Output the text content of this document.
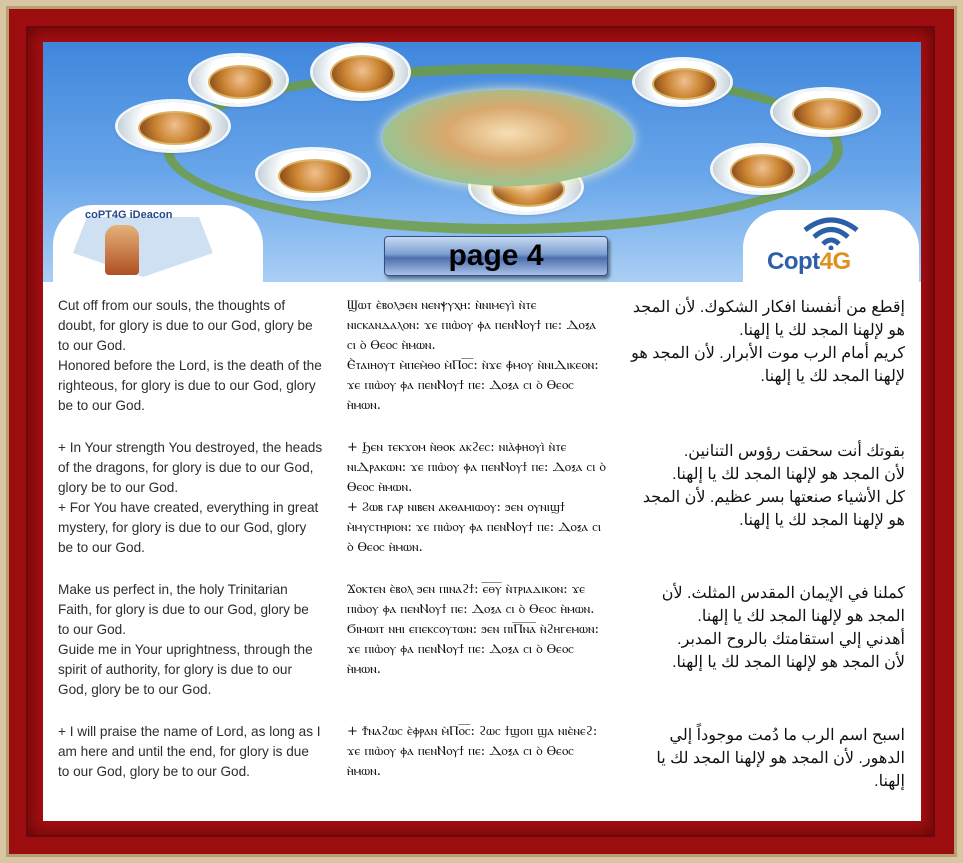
coPT4G iDeacon
Copt4G
page 4

Cut off from our souls, the thoughts of doubt, for glory is due to our God, glory be to our God.
Honored before the Lord, is the death of the righteous, for glory is due to our God, glory be to our God.

+ In Your strength You destroyed, the heads of the dragons, for glory is due to our God, glory be to our God.
+ For You have created, everything in great mystery, for glory is due to our God, glory be to our God.

Make us perfect in, the holy Trinitarian Faith, for glory is due to our God, glory be to our God.
Guide me in Your uprightness, through the spirit of authority, for glory is due to our God, glory be to our God.

+ I will praise the name of Lord, as long as I am here and until the end, for glory is due to our God, glory be to our God.

Ϣⲱⲧ ⲉ̀ⲃⲟⲗϧⲉⲛ ⲛⲉⲛⲯⲩⲭⲏ: ⲛ̀ⲛⲓⲙⲉⲩⲓ̀ ⲛ̀ⲧⲉ ⲛⲓⲥⲕⲁⲛⲇⲁⲗⲟⲛ: ϫⲉ ⲡⲓⲱ̀ⲟⲩ ⲫⲁ ⲡⲉⲛⲚⲟⲩϯ ⲡⲉ: Ⲇⲟⲝⲁ ⲥⲓ ⲟ̀ Ⲑⲉⲟⲥ ⲏ̀ⲙⲱⲛ.
Ⲉ̀ⲧⲁⲓⲏⲟⲩⲧ ⲙ̀ⲡⲉⲙ̀ⲑⲟ ⲙ̀Ⲡⲟ̅ⲥ̅: ⲛ̀ϫⲉ ⲫ̀ⲙⲟⲩ ⲛ̀ⲛⲓⲆⲓⲕⲉⲟⲛ: ϫⲉ ⲡⲓⲱ̀ⲟⲩ ⲫⲁ ⲡⲉⲛⲚⲟⲩϯ ⲡⲉ: Ⲇⲟⲝⲁ ⲥⲓ ⲟ̀ Ⲑⲉⲟⲥ ⲏ̀ⲙⲱⲛ.

+ Ϧⲉⲛ ⲧⲉⲕϫⲟⲙ ⲛ̀ⲑⲟⲕ ⲁⲕϩⲉⲥ: ⲛⲓⲁ̀ⲫⲏⲟⲩⲓ̀ ⲛ̀ⲧⲉ ⲛⲓⲆⲣⲁⲕⲱⲛ: ϫⲉ ⲡⲓⲱ̀ⲟⲩ ⲫⲁ ⲡⲉⲛⲚⲟⲩϯ ⲡⲉ: Ⲇⲟⲝⲁ ⲥⲓ ⲟ̀ Ⲑⲉⲟⲥ ⲏ̀ⲙⲱⲛ.
+ Ϩⲱⲃ ⲅⲁⲣ ⲛⲓⲃⲉⲛ ⲁⲕⲑⲁⲙⲓⲱⲟⲩ: ϧⲉⲛ ⲟⲩⲛⲓϣϯ ⲙ̀ⲙⲩⲥⲧⲏⲣⲓⲟⲛ: ϫⲉ ⲡⲓⲱ̀ⲟⲩ ⲫⲁ ⲡⲉⲛⲚⲟⲩϯ ⲡⲉ: Ⲇⲟⲝⲁ ⲥⲓ ⲟ̀ Ⲑⲉⲟⲥ ⲏ̀ⲙⲱⲛ.

Ϫⲟⲕⲧⲉⲛ ⲉ̀ⲃⲟⲗ ϧⲉⲛ ⲡⲓⲛⲁϩϯ: ⲉ̅ⲑ̅ⲩ̅ ⲛ̀ⲧⲣⲓⲁⲇⲓⲕⲟⲛ: ϫⲉ ⲡⲓⲱ̀ⲟⲩ ⲫⲁ ⲡⲉⲛⲚⲟⲩϯ ⲡⲉ: Ⲇⲟⲝⲁ ⲥⲓ ⲟ̀ Ⲑⲉⲟⲥ ⲏ̀ⲙⲱⲛ.
Ϭⲓⲙⲱⲓⲧ ⲛⲏⲓ ⲉⲡⲉⲕⲥⲟⲩⲧⲱⲛ: ϧⲉⲛ ⲡⲓⲠ̅ⲛ̅ⲁ̅ ⲛ̀ϩⲏⲅⲉⲙⲱⲛ: ϫⲉ ⲡⲓⲱ̀ⲟⲩ ⲫⲁ ⲡⲉⲛⲚⲟⲩϯ ⲡⲉ: Ⲇⲟⲝⲁ ⲥⲓ ⲟ̀ Ⲑⲉⲟⲥ ⲏ̀ⲙⲱⲛ.

+ Ϯⲛⲁϩⲱⲥ ⲉ̀ⲫⲣⲁⲛ ⲙ̀Ⲡⲟ̅ⲥ̅: ϩⲱⲥ ϯϣⲟⲡ ϣⲁ ⲛⲓⲉ̀ⲛⲉϩ: ϫⲉ ⲡⲓⲱ̀ⲟⲩ ⲫⲁ ⲡⲉⲛⲚⲟⲩϯ ⲡⲉ: Ⲇⲟⲝⲁ ⲥⲓ ⲟ̀ Ⲑⲉⲟⲥ ⲏ̀ⲙⲱⲛ.

إقطع من أنفسنا افكار الشكوك. لأن المجد هو لإلهنا المجد لك يا إلهنا.
كريم أمام الرب موت الأبرار. لأن المجد هو لإلهنا المجد لك يا إلهنا.

بقوتك أنت سحقت رؤوس التنانين.
لأن المجد هو لإلهنا المجد لك يا إلهنا.
كل الأشياء صنعتها بسر عظيم. لأن المجد هو لإلهنا المجد لك يا إلهنا.

كملنا في الإيمان المقدس المثلث. لأن المجد هو لإلهنا المجد لك يا إلهنا.
أهدني إلي استقامتك بالروح المدبر.
لأن المجد هو لإلهنا المجد لك يا إلهنا.

اسبح اسم الرب ما دُمت موجوداً إلي الدهور. لأن المجد هو لإلهنا المجد لك يا إلهنا.
